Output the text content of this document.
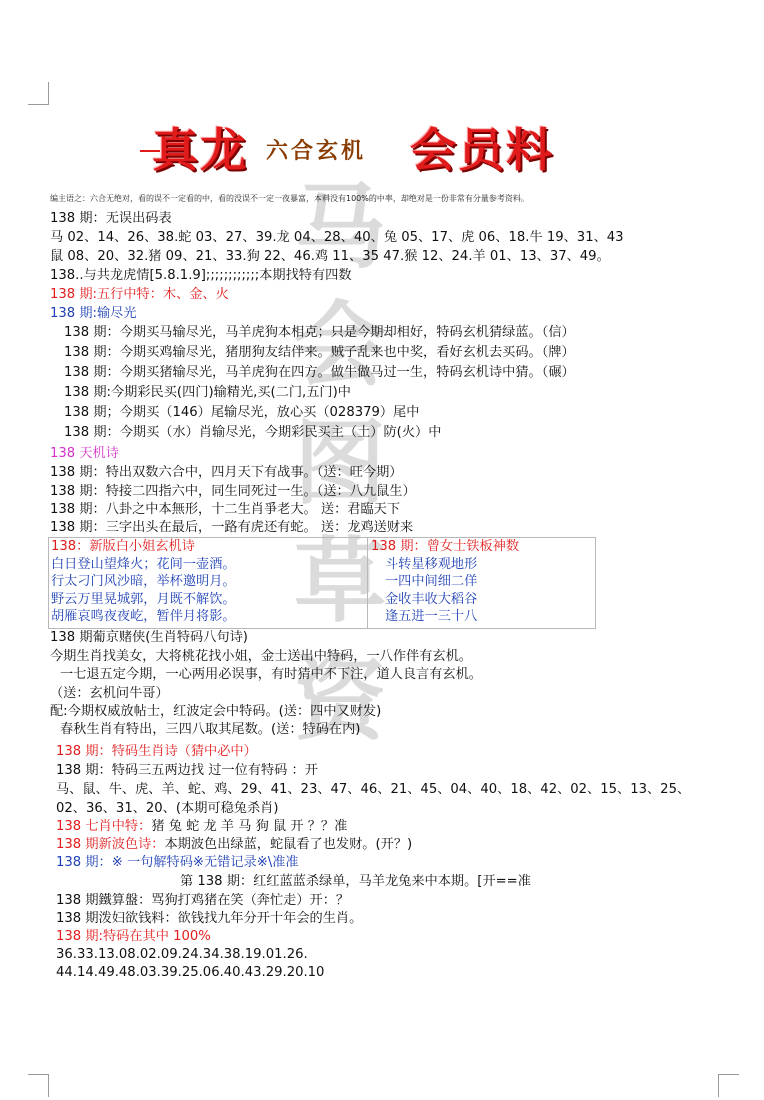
马
会
图
草
资
真龙 六合玄机 会员料
编主语之：六合无绝对，看的误不一定看的中，看的没误不一定一夜暴富，本料没有100%的中率，却绝对是一份非常有分量参考资料。
138 期：无误出码表
马 02、14、26、38.蛇 03、27、39.龙 04、28、40、兔 05、17、虎 06、18.牛 19、31、43
鼠 08、20、32.猪 09、21、33.狗 22、46.鸡 11、35 47.猴 12、24.羊 01、13、37、49。
138..与共龙虎情[5.8.1.9];;;;;;;;;;;;本期找特有四数
138 期:五行中特：木、金、火
138 期:输尽光
138 期：今期买马输尽光，马羊虎狗本相克；只是今期却相好，特码玄机猜绿蓝。（信）
138 期：今期买鸡输尽光，猪朋狗友结伴来。贼子乱来也中奖，看好玄机去买码。（牌）
138 期：今期买猪输尽光，马羊虎狗在四方。做牛做马过一生，特码玄机诗中猜。（碾）
138 期:今期彩民买(四门)输精光,买(二门,五门)中
138 期；今期买（146）尾输尽光，放心买（028379）尾中
138 期：今期买（水）肖输尽光，今期彩民买主（土）防(火）中
138 天机诗
138 期：特出双数六合中，四月天下有战事。（送：旺今期）
138 期：特接二四指六中，同生同死过一生。（送：八九鼠生）
138 期：八卦之中本無形，十二生肖爭老大。 送：君臨天下
138 期：三字出头在最后，一路有虎还有蛇。 送：龙鸡送财来
138：新版白小姐玄机诗
白日登山望烽火；花间一壶酒。
行太刁门风沙暗，举杯邀明月。
野云万里晃城郭，月既不解饮。
胡雁哀鸣夜夜屹，暂伴月将影。
138 期：曾女士铁板神数
斗转星移观地形
一四中间细二佯
金收丰收大稻谷
逢五进一三十八
138 期葡京赌侠(生肖特码八句诗)
今期生肖找美女，大将桃花找小姐，金士送出中特码，一八作伴有玄机。
一七退五定今期，一心两用必误事，有时猜中不下注，道人良言有玄机。
（送：玄机问牛哥）
配:今期权威放帖士，红波定会中特码。(送：四中又财发)
春秋生肖有特出，三四八取其尾数。(送：特码在内)
138 期：特码生肖诗（猜中必中）
138 期：特码三五两边找 过一位有特码 ：开
马、鼠、牛、虎、羊、蛇、鸡、29、41、23、47、46、21、45、04、40、18、42、02、15、13、25、
02、36、31、20、(本期可稳兔杀肖)
138 七肖中特：猪 兔 蛇 龙 羊 马 狗 鼠 开 ？？准
138 期新波色诗：本期波色出绿蓝，蛇鼠看了也发财。(开？)
138 期：※ 一句解特码※无错记录※\准准
第 138 期：红红蓝蓝杀绿单，马羊龙兔来中本期。[开==准
138 期鐵算盤：骂狗打鸡猪在笑（奔忙走）开：？
138 期泼妇欲钱料：欲钱找九年分开十年会的生肖。
138 期:特码在其中 100%
36.33.13.08.02.09.24.34.38.19.01.26.
44.14.49.48.03.39.25.06.40.43.29.20.10
